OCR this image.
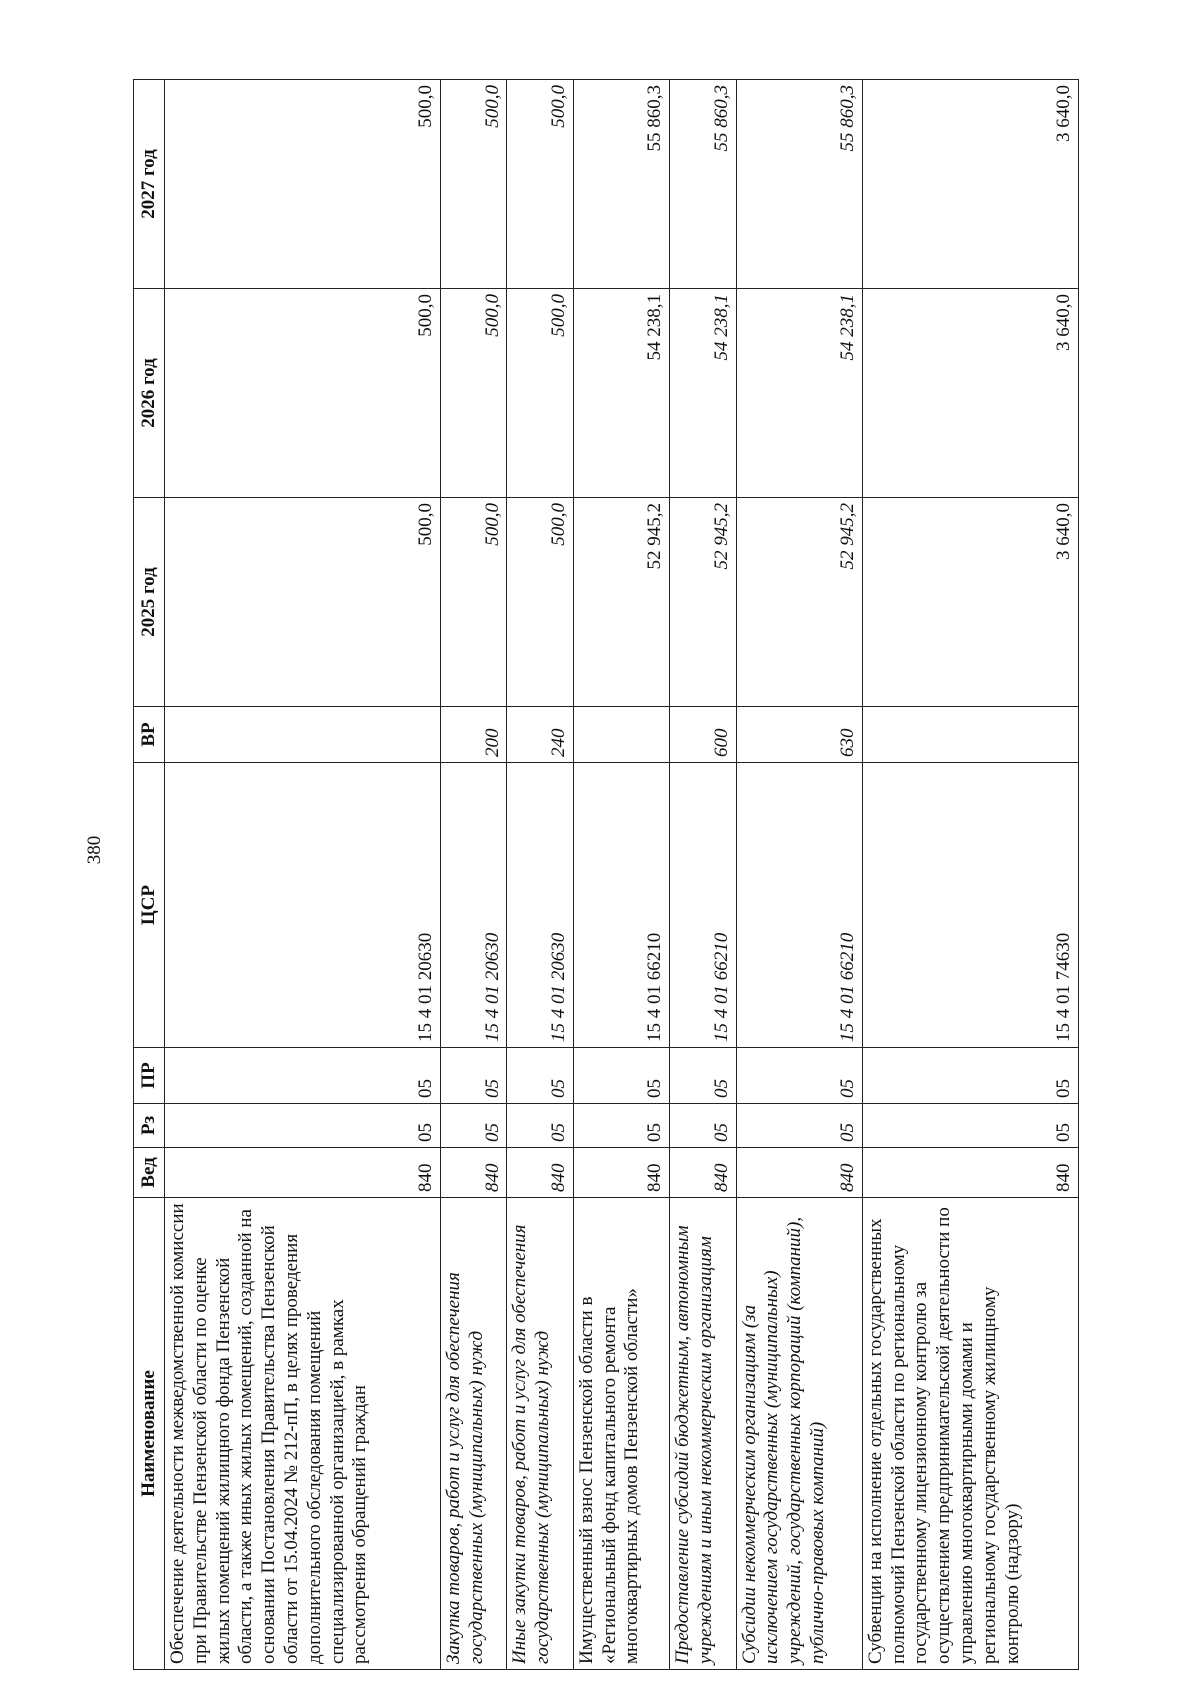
380
Наименование	Вед	Рз	ПР	ЦСР	ВР	2025 год	2026 год	2027 год
Обеспечение деятельности межведомственной комиссии при Правительстве Пензенской области по оценке жилых помещений жилищного фонда Пензенской области, а также иных жилых помещений, созданной на основании Постановления Правительства Пензенской области от 15.04.2024 № 212-пП, в целях проведения дополнительного обследования помещений специализированной организацией, в рамках рассмотрения обращений граждан	840	05	05	15 4 01 20630		500,0	500,0	500,0
Закупка товаров, работ и услуг для обеспечения государственных (муниципальных) нужд	840	05	05	15 4 01 20630	200	500,0	500,0	500,0
Иные закупки товаров, работ и услуг для обеспечения государственных (муниципальных) нужд	840	05	05	15 4 01 20630	240	500,0	500,0	500,0
Имущественный взнос Пензенской области в «Региональный фонд капитального ремонта многоквартирных домов Пензенской области»	840	05	05	15 4 01 66210		52 945,2	54 238,1	55 860,3
Предоставление субсидий бюджетным, автономным учреждениям и иным некоммерческим организациям	840	05	05	15 4 01 66210	600	52 945,2	54 238,1	55 860,3
Субсидии некоммерческим организациям (за исключением государственных (муниципальных) учреждений, государственных корпораций (компаний), публично-правовых компаний)	840	05	05	15 4 01 66210	630	52 945,2	54 238,1	55 860,3
Субвенции на исполнение отдельных государственных полномочий Пензенской области по региональному государственному лицензионному контролю за осуществлением предпринимательской деятельности по управлению многоквартирными домами и региональному государственному жилищному контролю (надзору)	840	05	05	15 4 01 74630		3 640,0	3 640,0	3 640,0
